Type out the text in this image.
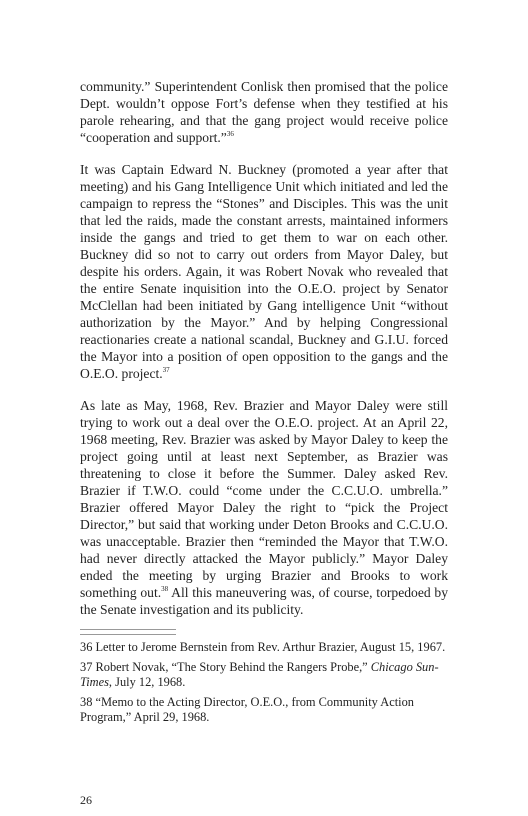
community.” Superintendent Conlisk then promised that the police Dept. wouldn’t oppose Fort’s defense when they testified at his parole rehearing, and that the gang project would receive police “cooperation and support.”$^{36}$

It was Captain Edward N. Buckney (promoted a year after that meeting) and his Gang Intelligence Unit which initiated and led the campaign to repress the “Stones” and Disciples. This was the unit that led the raids, made the constant arrests, maintained informers inside the gangs and tried to get them to war on each other. Buckney did so not to carry out orders from Mayor Daley, but despite his orders. Again, it was Robert Novak who revealed that the entire Senate inquisition into the O.E.O. project by Senator McClellan had been initiated by Gang intelligence Unit “without authorization by the Mayor.” And by helping Congressional reactionaries create a national scandal, Buckney and G.I.U. forced the Mayor into a position of open opposition to the gangs and the O.E.O. project.$^{37}$

As late as May, 1968, Rev. Brazier and Mayor Daley were still trying to work out a deal over the O.E.O. project. At an April 22, 1968 meeting, Rev. Brazier was asked by Mayor Daley to keep the project going until at least next September, as Brazier was threatening to close it before the Summer. Daley asked Rev. Brazier if T.W.O. could “come under the C.C.U.O. umbrella.” Brazier offered Mayor Daley the right to “pick the Project Director,” but said that working under Deton Brooks and C.C.U.O. was unacceptable. Brazier then “reminded the Mayor that T.W.O. had never directly attacked the Mayor publicly.” Mayor Daley ended the meeting by urging Brazier and Brooks to work something out.$^{38}$ All this maneuvering was, of course, torpedoed by the Senate investigation and its publicity.

36 Letter to Jerome Bernstein from Rev. Arthur Brazier, August 15, 1967.

37 Robert Novak, “The Story Behind the Rangers Probe,” Chicago Sun-Times, July 12, 1968.

38 “Memo to the Acting Director, O.E.O., from Community Action Program,” April 29, 1968.

26
